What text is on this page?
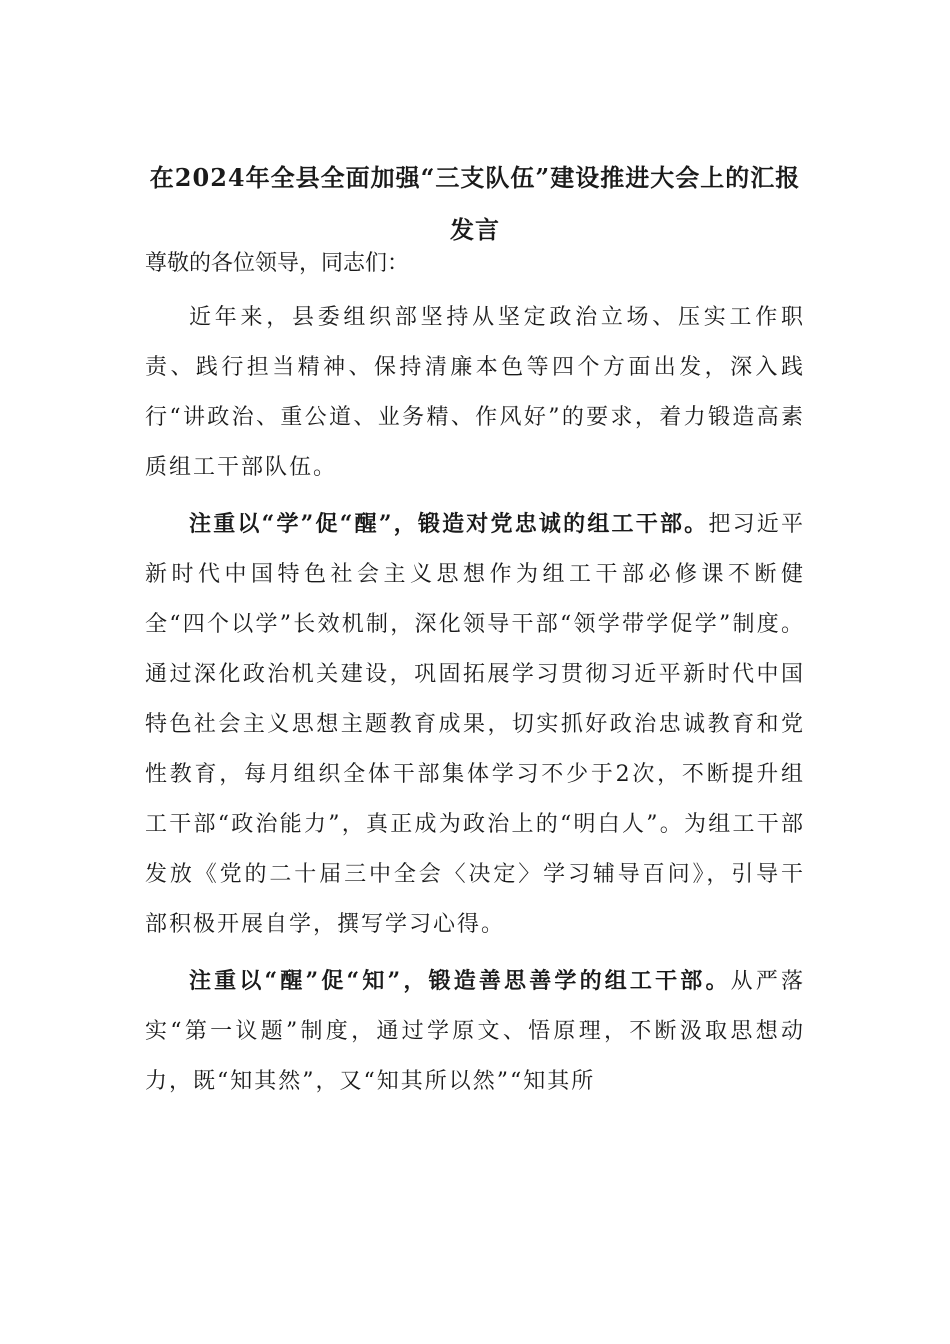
在2024年全县全面加强“三支队伍”建设推进大会上的汇报发言

尊敬的各位领导，同志们：

近年来，县委组织部坚持从坚定政治立场、压实工作职责、践行担当精神、保持清廉本色等四个方面出发，深入践行“讲政治、重公道、业务精、作风好”的要求，着力锻造高素质组工干部队伍。

注重以“学”促“醒”，锻造对党忠诚的组工干部。把习近平新时代中国特色社会主义思想作为组工干部必修课不断健全“四个以学”长效机制，深化领导干部“领学带学促学”制度。通过深化政治机关建设，巩固拓展学习贯彻习近平新时代中国特色社会主义思想主题教育成果，切实抓好政治忠诚教育和党性教育，每月组织全体干部集体学习不少于2次，不断提升组工干部“政治能力”，真正成为政治上的“明白人”。为组工干部发放《党的二十届三中全会〈决定〉学习辅导百问》，引导干部积极开展自学，撰写学习心得。

注重以“醒”促“知”，锻造善思善学的组工干部。从严落实“第一议题”制度，通过学原文、悟原理，不断汲取思想动力，既“知其然”，又“知其所以然”“知其所
